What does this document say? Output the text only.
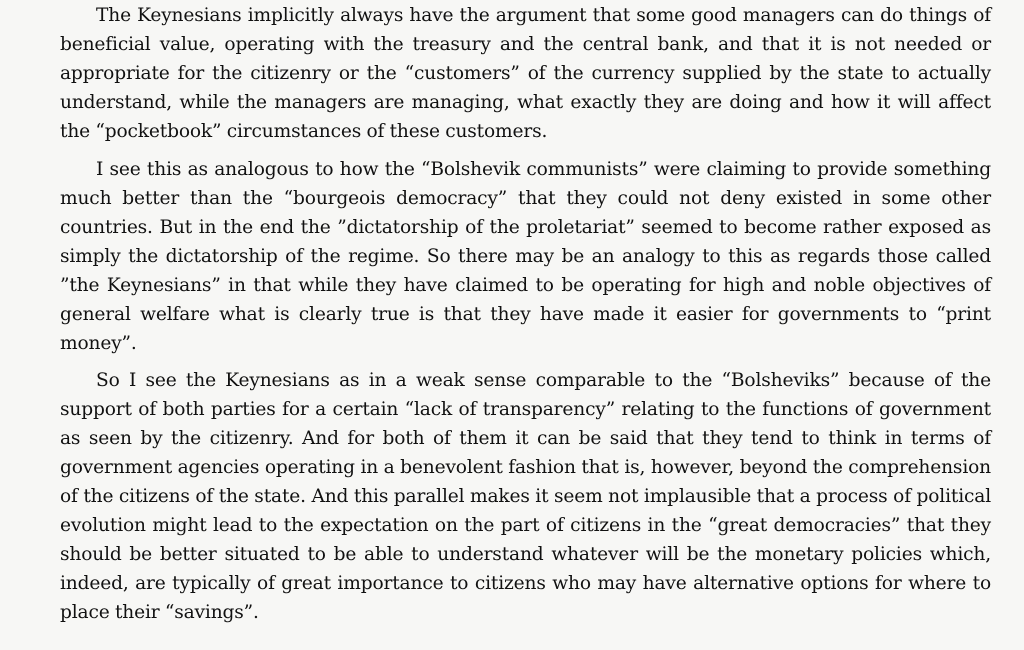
The Keynesians implicitly always have the argument that some good managers can do things of beneficial value, operating with the treasury and the central bank, and that it is not needed or appropriate for the citizenry or the “customers” of the currency supplied by the state to actually understand, while the managers are managing, what exactly they are doing and how it will affect the “pocketbook” circumstances of these customers.

I see this as analogous to how the “Bolshevik communists” were claiming to provide something much better than the “bourgeois democracy” that they could not deny existed in some other countries. But in the end the ”dictatorship of the proletariat” seemed to become rather exposed as simply the dictatorship of the regime. So there may be an analogy to this as regards those called ”the Keynesians” in that while they have claimed to be operating for high and noble objectives of general welfare what is clearly true is that they have made it easier for governments to “print money”.

So I see the Keynesians as in a weak sense comparable to the “Bolsheviks” because of the support of both parties for a certain “lack of transparency” relating to the functions of government as seen by the citizenry. And for both of them it can be said that they tend to think in terms of government agencies operating in a benevolent fashion that is, however, beyond the comprehension of the citizens of the state. And this parallel makes it seem not implausible that a process of political evolution might lead to the expectation on the part of citizens in the “great democracies” that they should be better situated to be able to understand whatever will be the monetary policies which, indeed, are typically of great importance to citizens who may have alternative options for where to place their “savings”.
